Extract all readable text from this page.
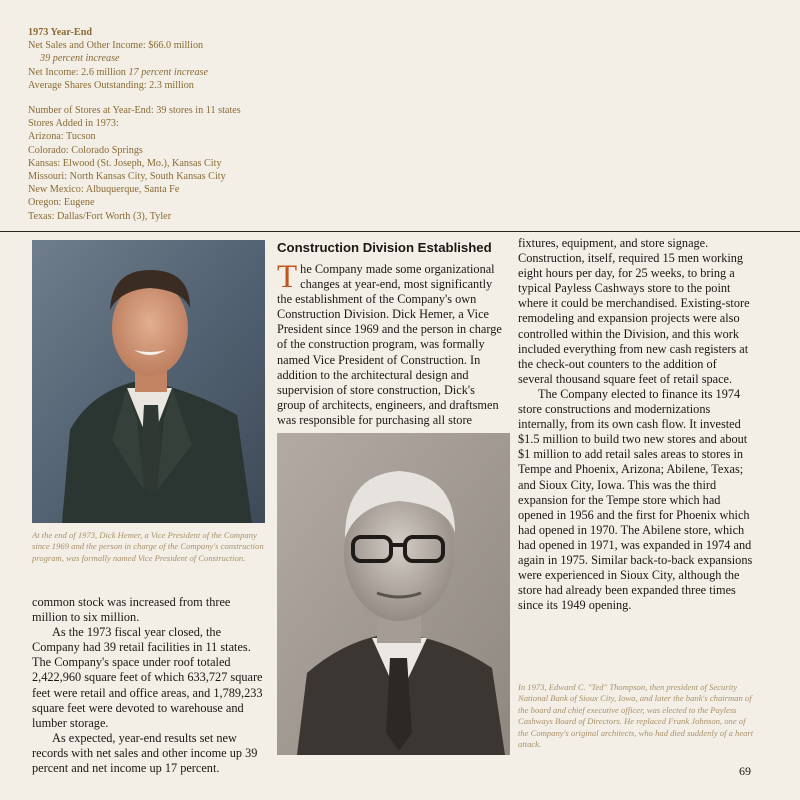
1973 Year-End
Net Sales and Other Income: $66.0 million
39 percent increase
Net Income: 2.6 million 17 percent increase
Average Shares Outstanding: 2.3 million
Number of Stores at Year-End: 39 stores in 11 states
Stores Added in 1973:
Arizona: Tucson
Colorado: Colorado Springs
Kansas: Elwood (St. Joseph, Mo.), Kansas City
Missouri: North Kansas City, South Kansas City
New Mexico: Albuquerque, Santa Fe
Oregon: Eugene
Texas: Dallas/Fort Worth (3), Tyler
At the end of 1973, Dick Hemer, a Vice President of the Company since 1969 and the person in charge of the Company's construction program, was formally named Vice President of Construction.

common stock was increased from three million to six million.

As the 1973 fiscal year closed, the Company had 39 retail facilities in 11 states. The Company's space under roof totaled 2,422,960 square feet of which 633,727 square feet were retail and office areas, and 1,789,233 square feet were devoted to warehouse and lumber storage.

As expected, year-end results set new records with net sales and other income up 39 percent and net income up 17 percent.

Construction Division Established

The Company made some organizational changes at year-end, most significantly the establishment of the Company's own Construction Division. Dick Hemer, a Vice President since 1969 and the person in charge of the construction program, was formally named Vice President of Construction. In addition to the architectural design and supervision of store construction, Dick's group of architects, engineers, and draftsmen was responsible for purchasing all store

fixtures, equipment, and store signage. Construction, itself, required 15 men working eight hours per day, for 25 weeks, to bring a typical Payless Cashways store to the point where it could be merchandised. Existing-store remodeling and expansion projects were also controlled within the Division, and this work included everything from new cash registers at the check-out counters to the addition of several thousand square feet of retail space.

The Company elected to finance its 1974 store constructions and modernizations internally, from its own cash flow. It invested $1.5 million to build two new stores and about $1 million to add retail sales areas to stores in Tempe and Phoenix, Arizona; Abilene, Texas; and Sioux City, Iowa. This was the third expansion for the Tempe store which had opened in 1956 and the first for Phoenix which had opened in 1970. The Abilene store, which had opened in 1971, was expanded in 1974 and again in 1975. Similar back-to-back expansions were experienced in Sioux City, although the store had already been expanded three times since its 1949 opening.

In 1973, Edward C. "Ted" Thompson, then president of Security National Bank of Sioux City, Iowa, and later the bank's chairman of the board and chief executive officer, was elected to the Payless Cashways Board of Directors. He replaced Frank Johnson, one of the Company's original architects, who had died suddenly of a heart attack.
69
